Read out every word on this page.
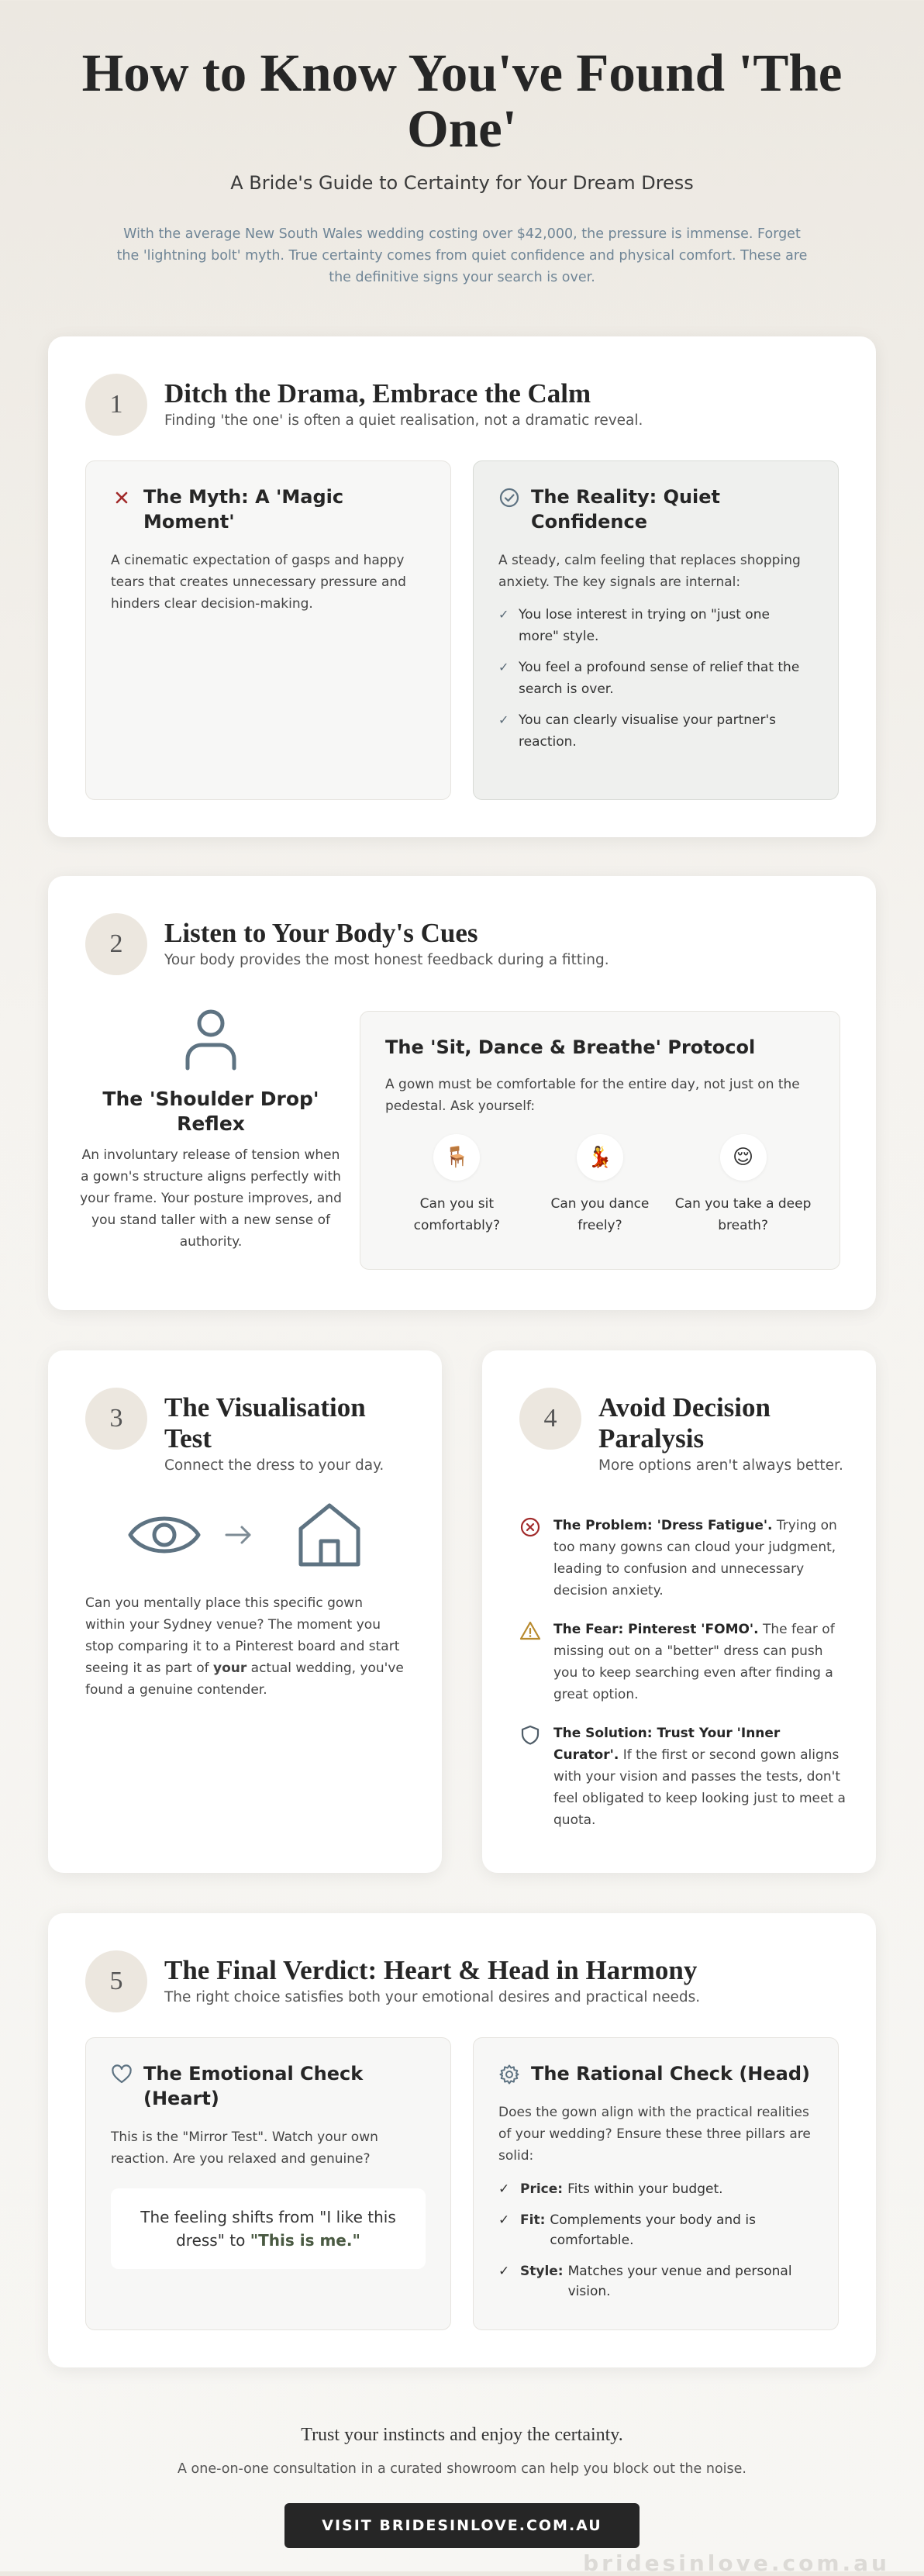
How to Know You've Found 'The One'

A Bride's Guide to Certainty for Your Dream Dress

With the average New South Wales wedding costing over $42,000, the pressure is immense. Forget the 'lightning bolt' myth. True certainty comes from quiet confidence and physical comfort. These are the definitive signs your search is over.

1	Ditch the Drama, Embrace the Calm

Finding 'the one' is often a quiet realisation, not a dramatic reveal.

The Myth: A 'Magic Moment'

A cinematic expectation of gasps and happy tears that creates unnecessary pressure and hinders clear decision-making.

The Reality: Quiet Confidence

A steady, calm feeling that replaces shopping anxiety. The key signals are internal:

✓ You lose interest in trying on "just one more" style.
✓ You feel a profound sense of relief that the search is over.
✓ You can clearly visualise your partner's reaction.
2	Listen to Your Body's Cues

Your body provides the most honest feedback during a fitting.

The 'Shoulder Drop' Reflex

An involuntary release of tension when a gown's structure aligns perfectly with your frame. Your posture improves, and you stand taller with a new sense of authority.

The 'Sit, Dance & Breathe' Protocol

A gown must be comfortable for the entire day, not just on the pedestal. Ask yourself:

🪑

Can you sit comfortably?

💃

Can you dance freely?

😌

Can you take a deep breath?

3	The Visualisation Test

Connect the dress to your day.

Can you mentally place this specific gown within your Sydney venue? The moment you stop comparing it to a Pinterest board and start seeing it as part of your actual wedding, you've found a genuine contender.

4	Avoid Decision Paralysis

More options aren't always better.

The Problem: 'Dress Fatigue'. Trying on too many gowns can cloud your judgment, leading to confusion and unnecessary decision anxiety.

The Fear: Pinterest 'FOMO'. The fear of missing out on a "better" dress can push you to keep searching even after finding a great option.

The Solution: Trust Your 'Inner Curator'. If the first or second gown aligns with your vision and passes the tests, don't feel obligated to keep looking just to meet a quota.

5	The Final Verdict: Heart & Head in Harmony

The right choice satisfies both your emotional desires and practical needs.

The Emotional Check (Heart)

This is the "Mirror Test". Watch your own reaction. Are you relaxed and genuine?

The feeling shifts from "I like this dress" to "This is me."
The Rational Check (Head)

Does the gown align with the practical realities of your wedding? Ensure these three pillars are solid:

✓ Price: Fits within your budget.
✓ Fit: Complements your body and is comfortable.
✓ Style: Matches your venue and personal vision.

Trust your instincts and enjoy the certainty.

A one-on-one consultation in a curated showroom can help you block out the noise.

VISIT BRIDESINLOVE.COM.AU
bridesinlove.com.au
